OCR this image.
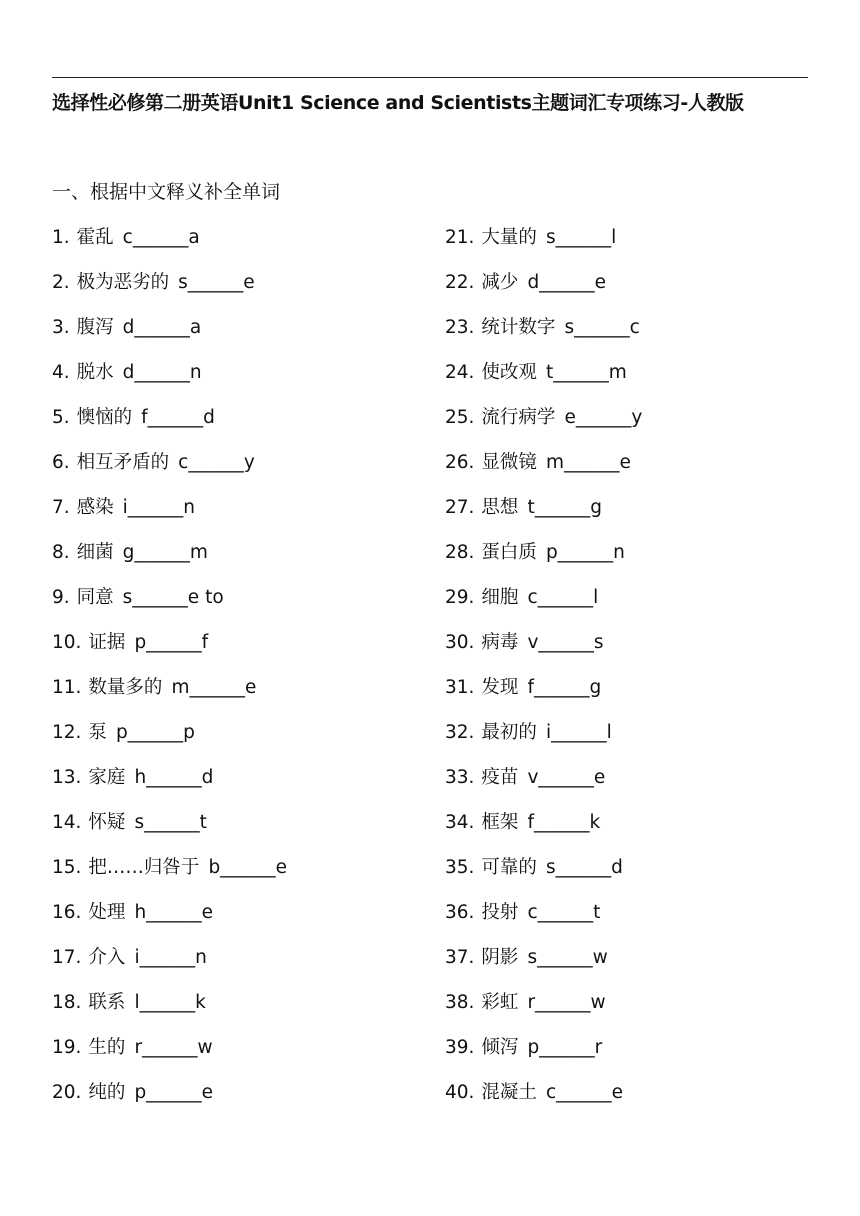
选择性必修第二册英语Unit1 Science and Scientists主题词汇专项练习-人教版
一、根据中文释义补全单词
1. 霍乱 c______a
2. 极为恶劣的 s______e
3. 腹泻 d______a
4. 脱水 d______n
5. 懊恼的 f______d
6. 相互矛盾的 c______y
7. 感染 i______n
8. 细菌 g______m
9. 同意 s______e to
10. 证据 p______f
11. 数量多的 m______e
12. 泵 p______p
13. 家庭 h______d
14. 怀疑 s______t
15. 把……归咎于 b______e
16. 处理 h______e
17. 介入 i______n
18. 联系 l______k
19. 生的 r______w
20. 纯的 p______e
21. 大量的 s______l
22. 减少 d______e
23. 统计数字 s______c
24. 使改观 t______m
25. 流行病学 e______y
26. 显微镜 m______e
27. 思想 t______g
28. 蛋白质 p______n
29. 细胞 c______l
30. 病毒 v______s
31. 发现 f______g
32. 最初的 i______l
33. 疫苗 v______e
34. 框架 f______k
35. 可靠的 s______d
36. 投射 c______t
37. 阴影 s______w
38. 彩虹 r______w
39. 倾泻 p______r
40. 混凝土 c______e
